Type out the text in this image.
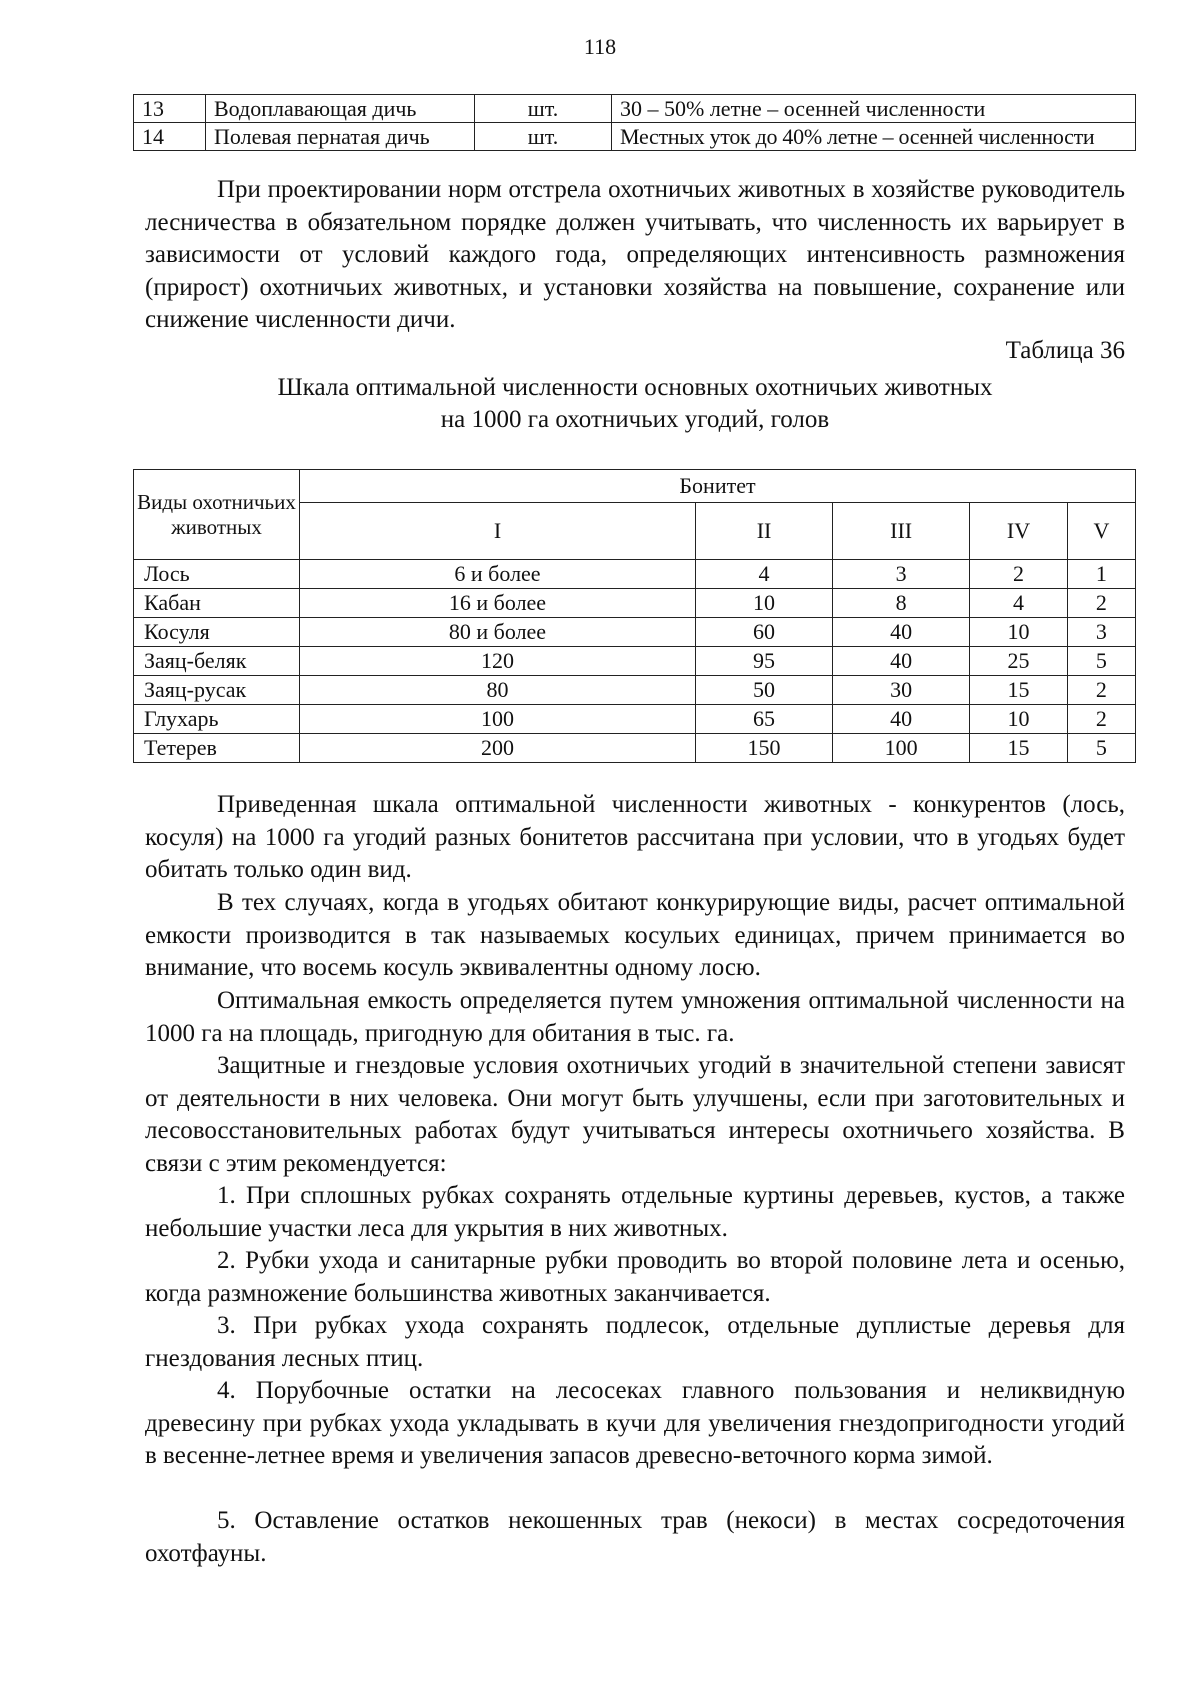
118
13	Водоплавающая дичь	шт.	30 – 50% летне – осенней численности
14	Полевая пернатая дичь	шт.	Местных уток до 40% летне – осенней численности

При проектировании норм отстрела охотничьих животных в хозяйстве руководитель лесничества в обязательном порядке должен учитывать, что численность их варьирует в зависимости от условий каждого года, определяющих интенсивность размножения (прирост) охотничьих животных, и установки хозяйства на повышение, сохранение или снижение численности дичи.

Таблица 36
Шкала оптимальной численности основных охотничьих животных
на 1000 га охотничьих угодий, голов
Виды охотничьих животных	Бонитет				
	I	II	III	IV	V
Лось	6 и более	4	3	2	1
Кабан	16 и более	10	8	4	2
Косуля	80 и более	60	40	10	3
Заяц-беляк	120	95	40	25	5
Заяц-русак	80	50	30	15	2
Глухарь	100	65	40	10	2
Тетерев	200	150	100	15	5

Приведенная шкала оптимальной численности животных - конкурентов (лось, косуля) на 1000 га угодий разных бонитетов рассчитана при условии, что в угодьях будет обитать только один вид.

В тех случаях, когда в угодьях обитают конкурирующие виды, расчет оптимальной емкости производится в так называемых косульих единицах, причем принимается во внимание, что восемь косуль эквивалентны одному лосю.

Оптимальная емкость определяется путем умножения оптимальной численности на 1000 га на площадь, пригодную для обитания в тыс. га.

Защитные и гнездовые условия охотничьих угодий в значительной степени зависят от деятельности в них человека. Они могут быть улучшены, если при заготовительных и лесовосстановительных работах будут учитываться интересы охотничьего хозяйства. В связи с этим рекомендуется:

1. При сплошных рубках сохранять отдельные куртины деревьев, кустов, а также небольшие участки леса для укрытия в них животных.

2. Рубки ухода и санитарные рубки проводить во второй половине лета и осенью, когда размножение большинства животных заканчивается.

3. При рубках ухода сохранять подлесок, отдельные дуплистые деревья для гнездования лесных птиц.

4. Порубочные остатки на лесосеках главного пользования и неликвидную древесину при рубках ухода укладывать в кучи для увеличения гнездопригодности угодий в весенне-летнее время и увеличения запасов древесно-веточного корма зимой.

5. Оставление остатков некошенных трав (некоси) в местах сосредоточения охотфауны.
